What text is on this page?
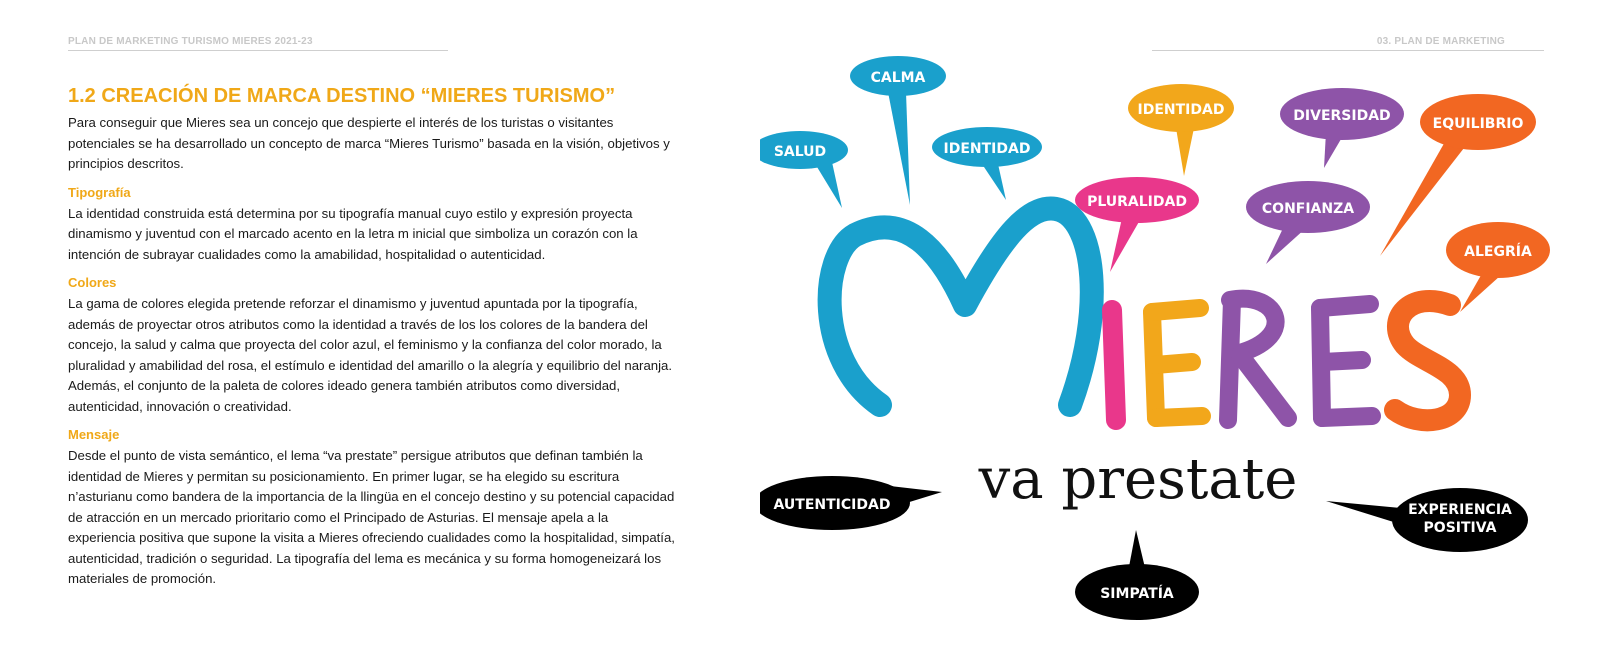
PLAN DE MARKETING TURISMO MIERES 2021-23	03. PLAN DE MARKETING
1.2 CREACIÓN DE MARCA DESTINO “MIERES TURISMO”

Para conseguir que Mieres sea un concejo que despierte el interés de los turistas o visitantes potenciales se ha desarrollado un concepto de marca “Mieres Turismo” basada en la visión, objetivos y principios descritos.

Tipografía

La identidad construida está determina por su tipografía manual cuyo estilo y expresión proyecta dinamismo y juventud con el marcado acento en la letra m inicial que simboliza un corazón con la intención de subrayar cualidades como la amabilidad, hospitalidad o autenticidad.

Colores

La gama de colores elegida pretende reforzar el dinamismo y juventud apuntada por la tipografía, además de proyectar otros atributos como la identidad a través de los los colores de la bandera del concejo, la salud y calma que proyecta del color azul, el feminismo y la confianza del color morado, la pluralidad y amabilidad del rosa, el estímulo e identidad del amarillo o la alegría y equilibrio del naranja. Además, el conjunto de la paleta de colores ideado genera también atributos como diversidad, autenticidad, innovación o creatividad.

Mensaje

Desde el punto de vista semántico, el lema “va prestate” persigue atributos que definan también la identidad de Mieres y permitan su posicionamiento. En primer lugar, se ha elegido su escritura n’asturianu como bandera de la importancia de la llingüa en el concejo destino y su potencial capacidad de atracción en un mercado prioritario como el Principado de Asturias. El mensaje apela a la experiencia positiva que supone la visita a Mieres ofreciendo cualidades como la hospitalidad, simpatía, autenticidad, tradición o seguridad. La tipografía del lema es mecánica y su forma homogeneizará los materiales de promoción.

va prestate
CALMA
SALUD	IDENTIDAD
IDENTIDAD
PLURALIDAD
DIVERSIDAD
CONFIANZA
EQUILIBRIO
ALEGRÍA
AUTENTICIDAD	EXPERIENCIA
POSITIVA
SIMPATÍA
